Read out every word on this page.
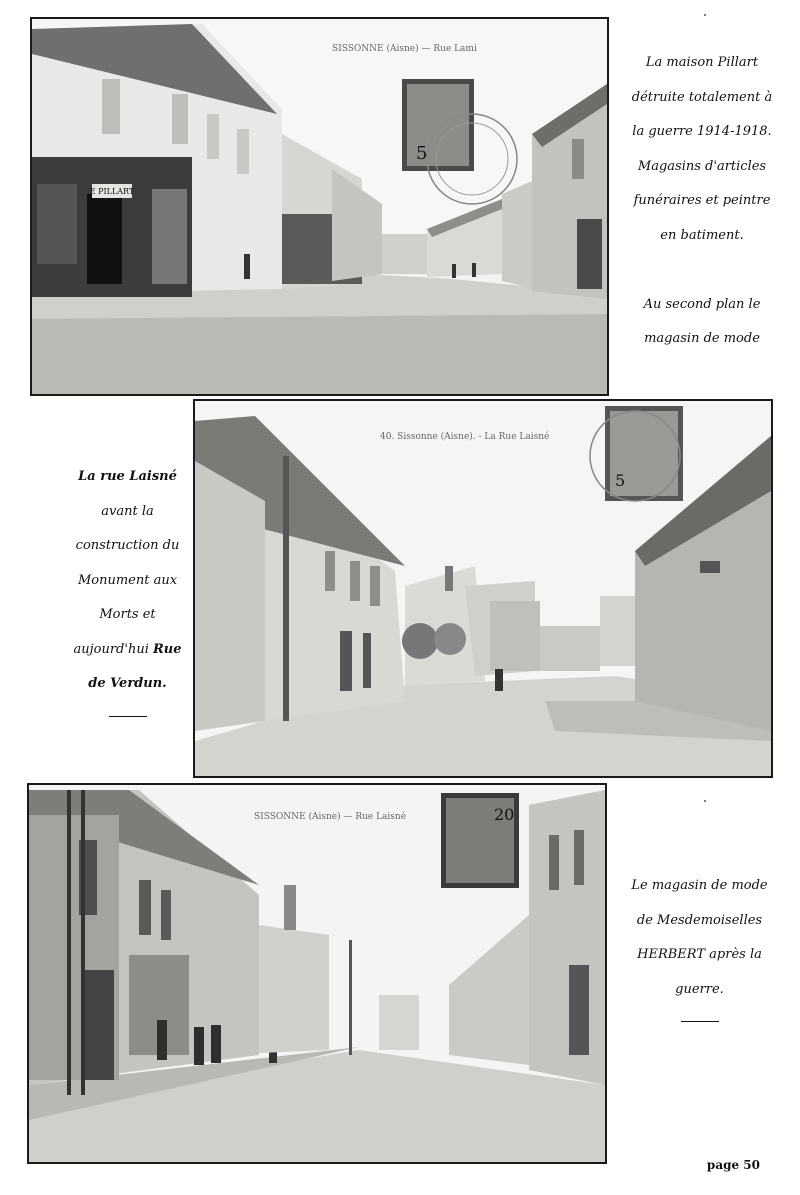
E PILLART
5
SISSONNE (Aisne) — Rue Lami
La maison Pillart
détruite totalement à
la guerre 1914-1918.
Magasins d'articles
funéraires et peintre
en batiment.
Au second plan le
magasin de mode
5
40. Sissonne (Aisne). - La Rue Laisné
La rue Laisné
avant la
construction du
Monument aux
Morts et
aujourd'hui Rue
de Verdun.
20
SISSONNE (Aisne) — Rue Laisné
Le magasin de mode
de Mesdemoiselles
HERBERT après la
guerre.
page 50
